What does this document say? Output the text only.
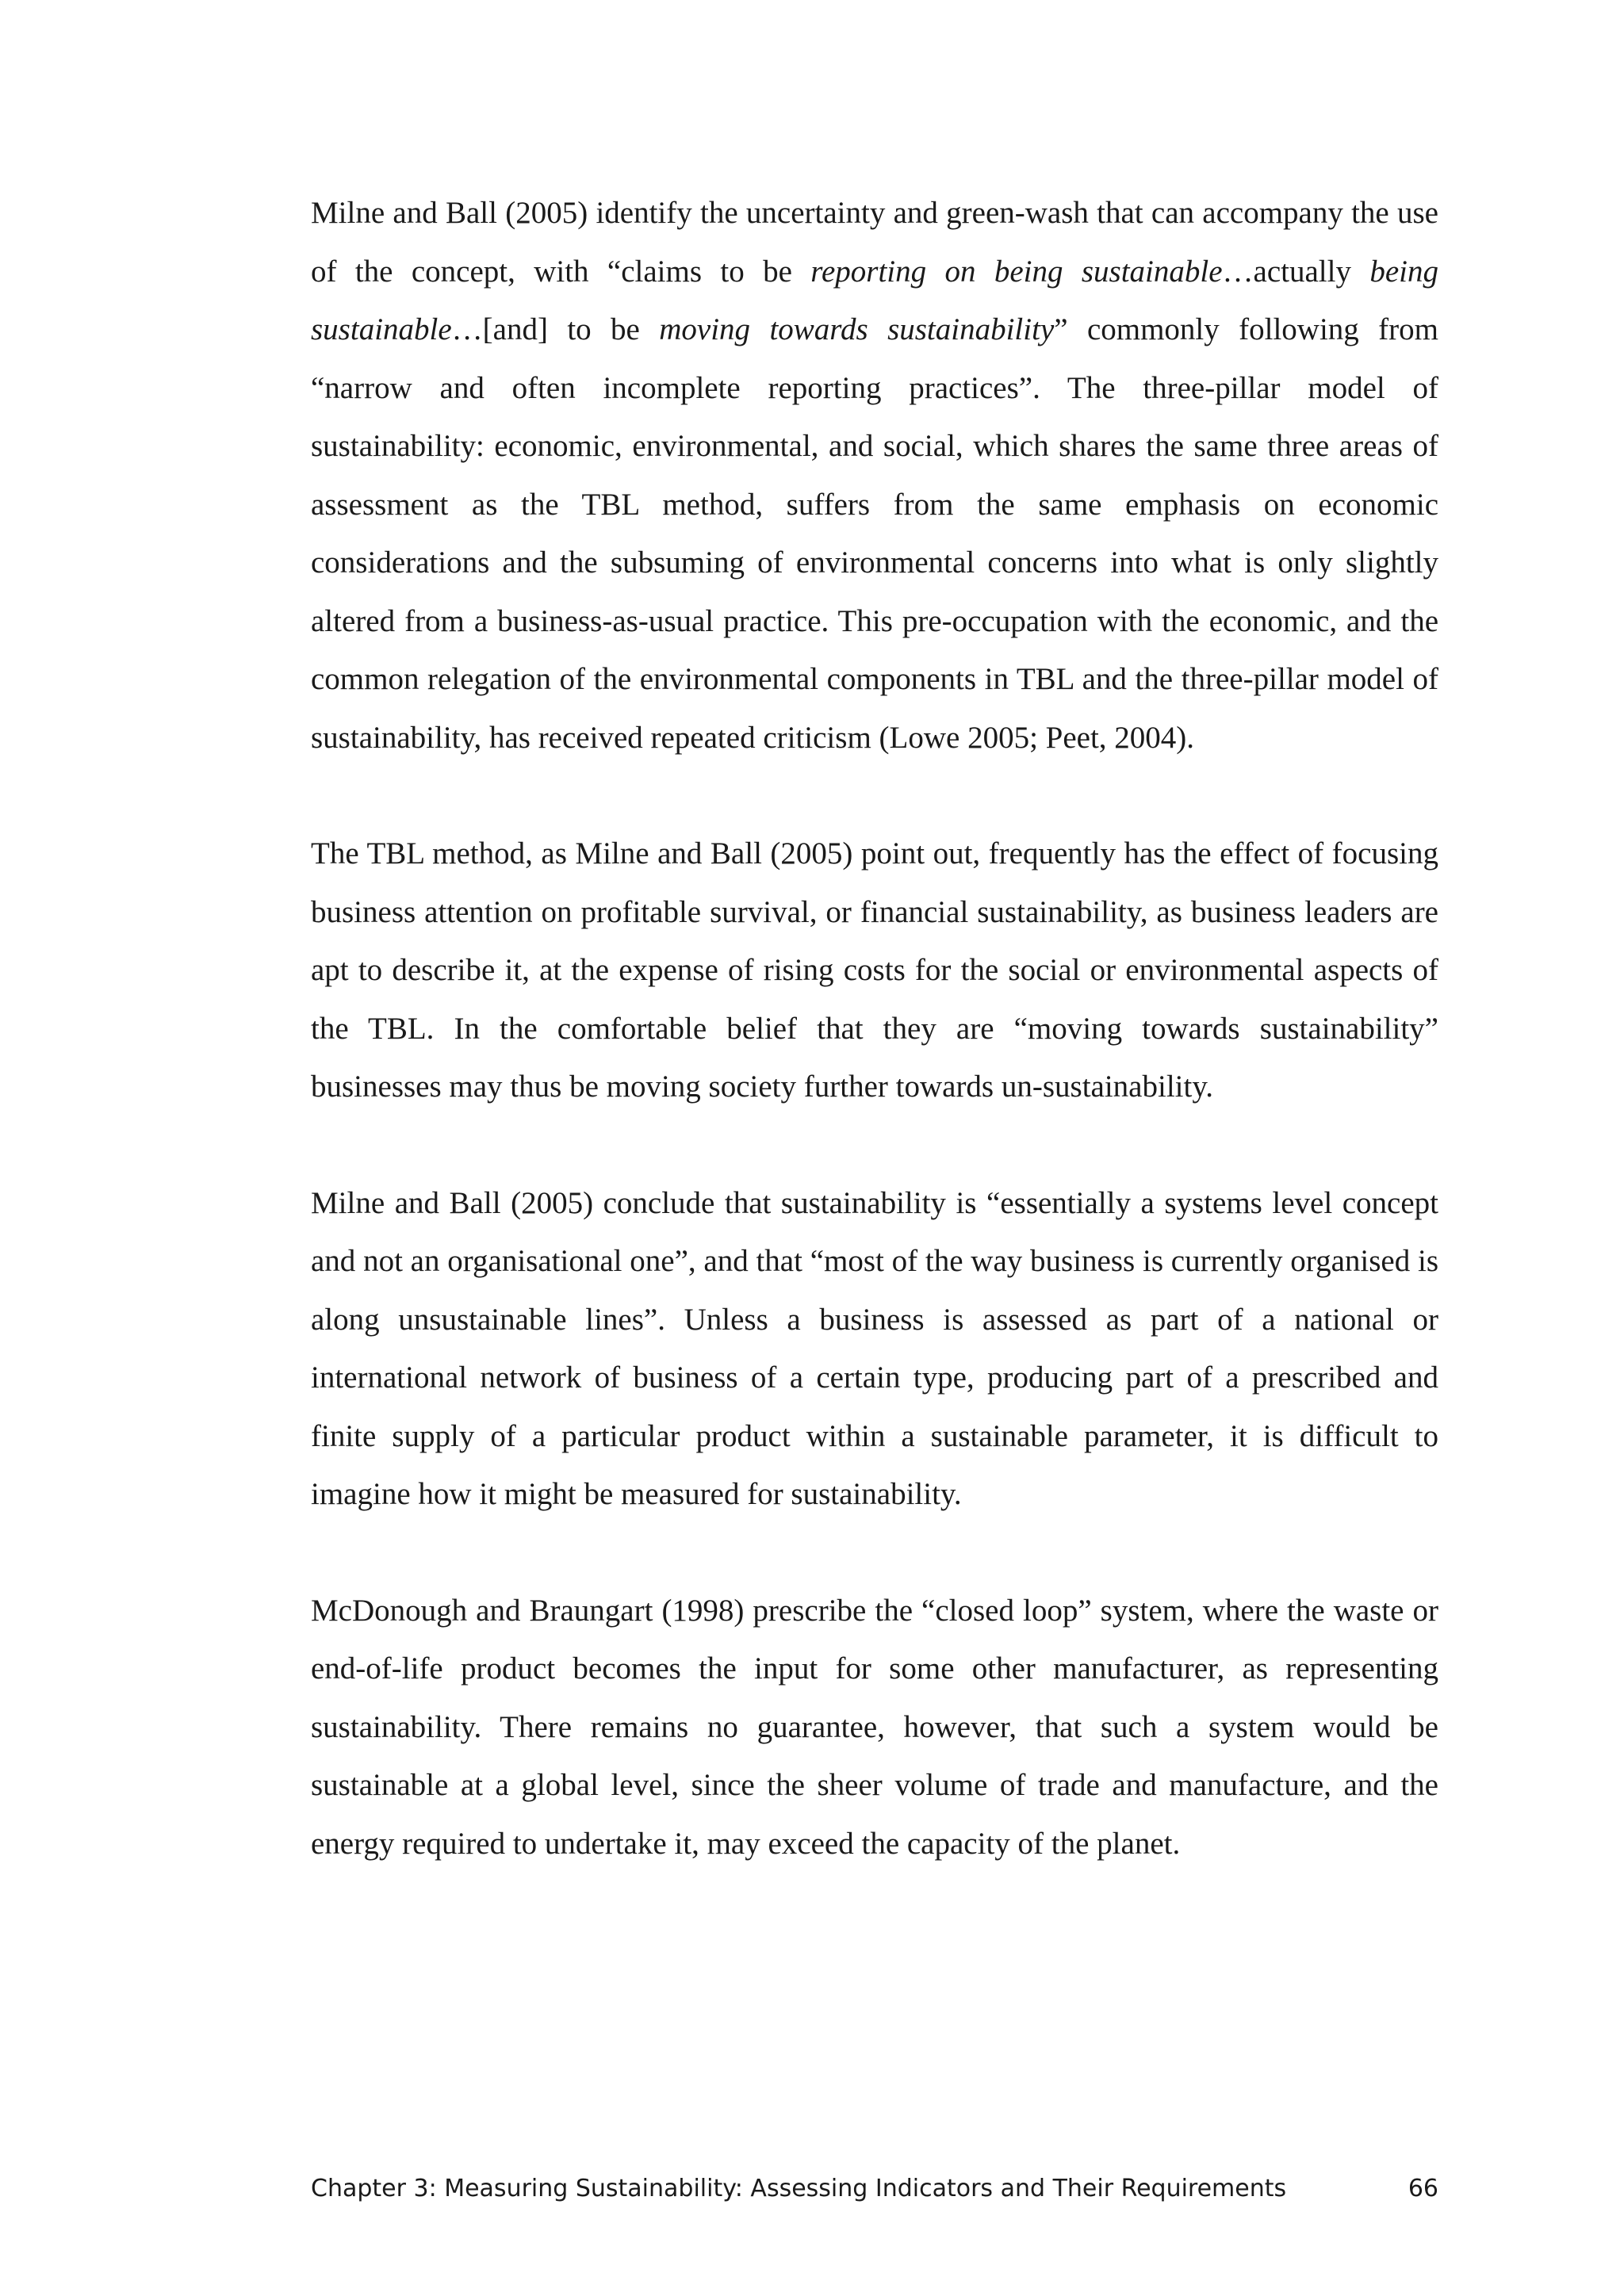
Milne and Ball (2005) identify the uncertainty and green-wash that can accompany the use of the concept, with “claims to be reporting on being sustainable…actually being sustainable…[and] to be moving towards sustainability” commonly following from “narrow and often incomplete reporting practices”. The three-pillar model of sustainability: economic, environmental, and social, which shares the same three areas of assessment as the TBL method, suffers from the same emphasis on economic considerations and the subsuming of environmental concerns into what is only slightly altered from a business-as-usual practice. This pre-occupation with the economic, and the common relegation of the environmental components in TBL and the three-pillar model of sustainability, has received repeated criticism (Lowe 2005; Peet, 2004).

The TBL method, as Milne and Ball (2005) point out, frequently has the effect of focusing business attention on profitable survival, or financial sustainability, as business leaders are apt to describe it, at the expense of rising costs for the social or environmental aspects of the TBL. In the comfortable belief that they are “moving towards sustainability” businesses may thus be moving society further towards un-sustainability.

Milne and Ball (2005) conclude that sustainability is “essentially a systems level concept and not an organisational one”, and that “most of the way business is currently organised is along unsustainable lines”. Unless a business is assessed as part of a national or international network of business of a certain type, producing part of a prescribed and finite supply of a particular product within a sustainable parameter, it is difficult to imagine how it might be measured for sustainability.

McDonough and Braungart (1998) prescribe the “closed loop” system, where the waste or end-of-life product becomes the input for some other manufacturer, as representing sustainability. There remains no guarantee, however, that such a system would be sustainable at a global level, since the sheer volume of trade and manufacture, and the energy required to undertake it, may exceed the capacity of the planet.

Chapter 3: Measuring Sustainability: Assessing Indicators and Their Requirements	66
